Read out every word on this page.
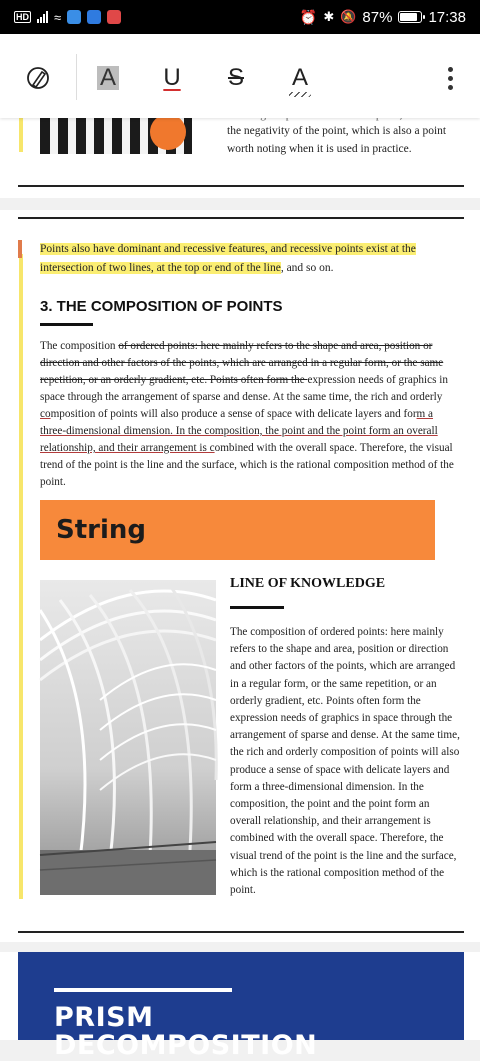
HD ≈	⏰ ✱ 🔕 87% 17:38
A U S A
the negativity of the point, which is also a point
worth noting when it is used in practice.
Points also have dominant and recessive features, and recessive points exist at the intersection of two lines, at the top or end of the line, and so on.
3. THE COMPOSITION OF POINTS
The composition of ordered points: here mainly refers to the shape and area, position or direction and other factors of the points, which are arranged in a regular form, or the same repetition, or an orderly gradient, etc. Points often form the expression needs of graphics in space through the arrangement of sparse and dense. At the same time, the rich and orderly composition of points will also produce a sense of space with delicate layers and form a three-dimensional dimension. In the composition, the point and the point form an overall relationship, and their arrangement is combined with the overall space. Therefore, the visual trend of the point is the line and the surface, which is the rational composition method of the point.
String
LINE OF KNOWLEDGE
The composition of ordered points: here mainly refers to the shape and area, position or direction and other factors of the points, which are arranged in a regular form, or the same repetition, or an orderly gradient, etc. Points often form the expression needs of graphics in space through the arrangement of sparse and dense. At the same time, the rich and orderly composition of points will also produce a sense of space with delicate layers and form a three-dimensional dimension. In the composition, the point and the point form an overall relationship, and their arrangement is combined with the overall space. Therefore, the visual trend of the point is the line and the surface, which is the rational composition method of the point.
PRISM
DECOMPOSITION
